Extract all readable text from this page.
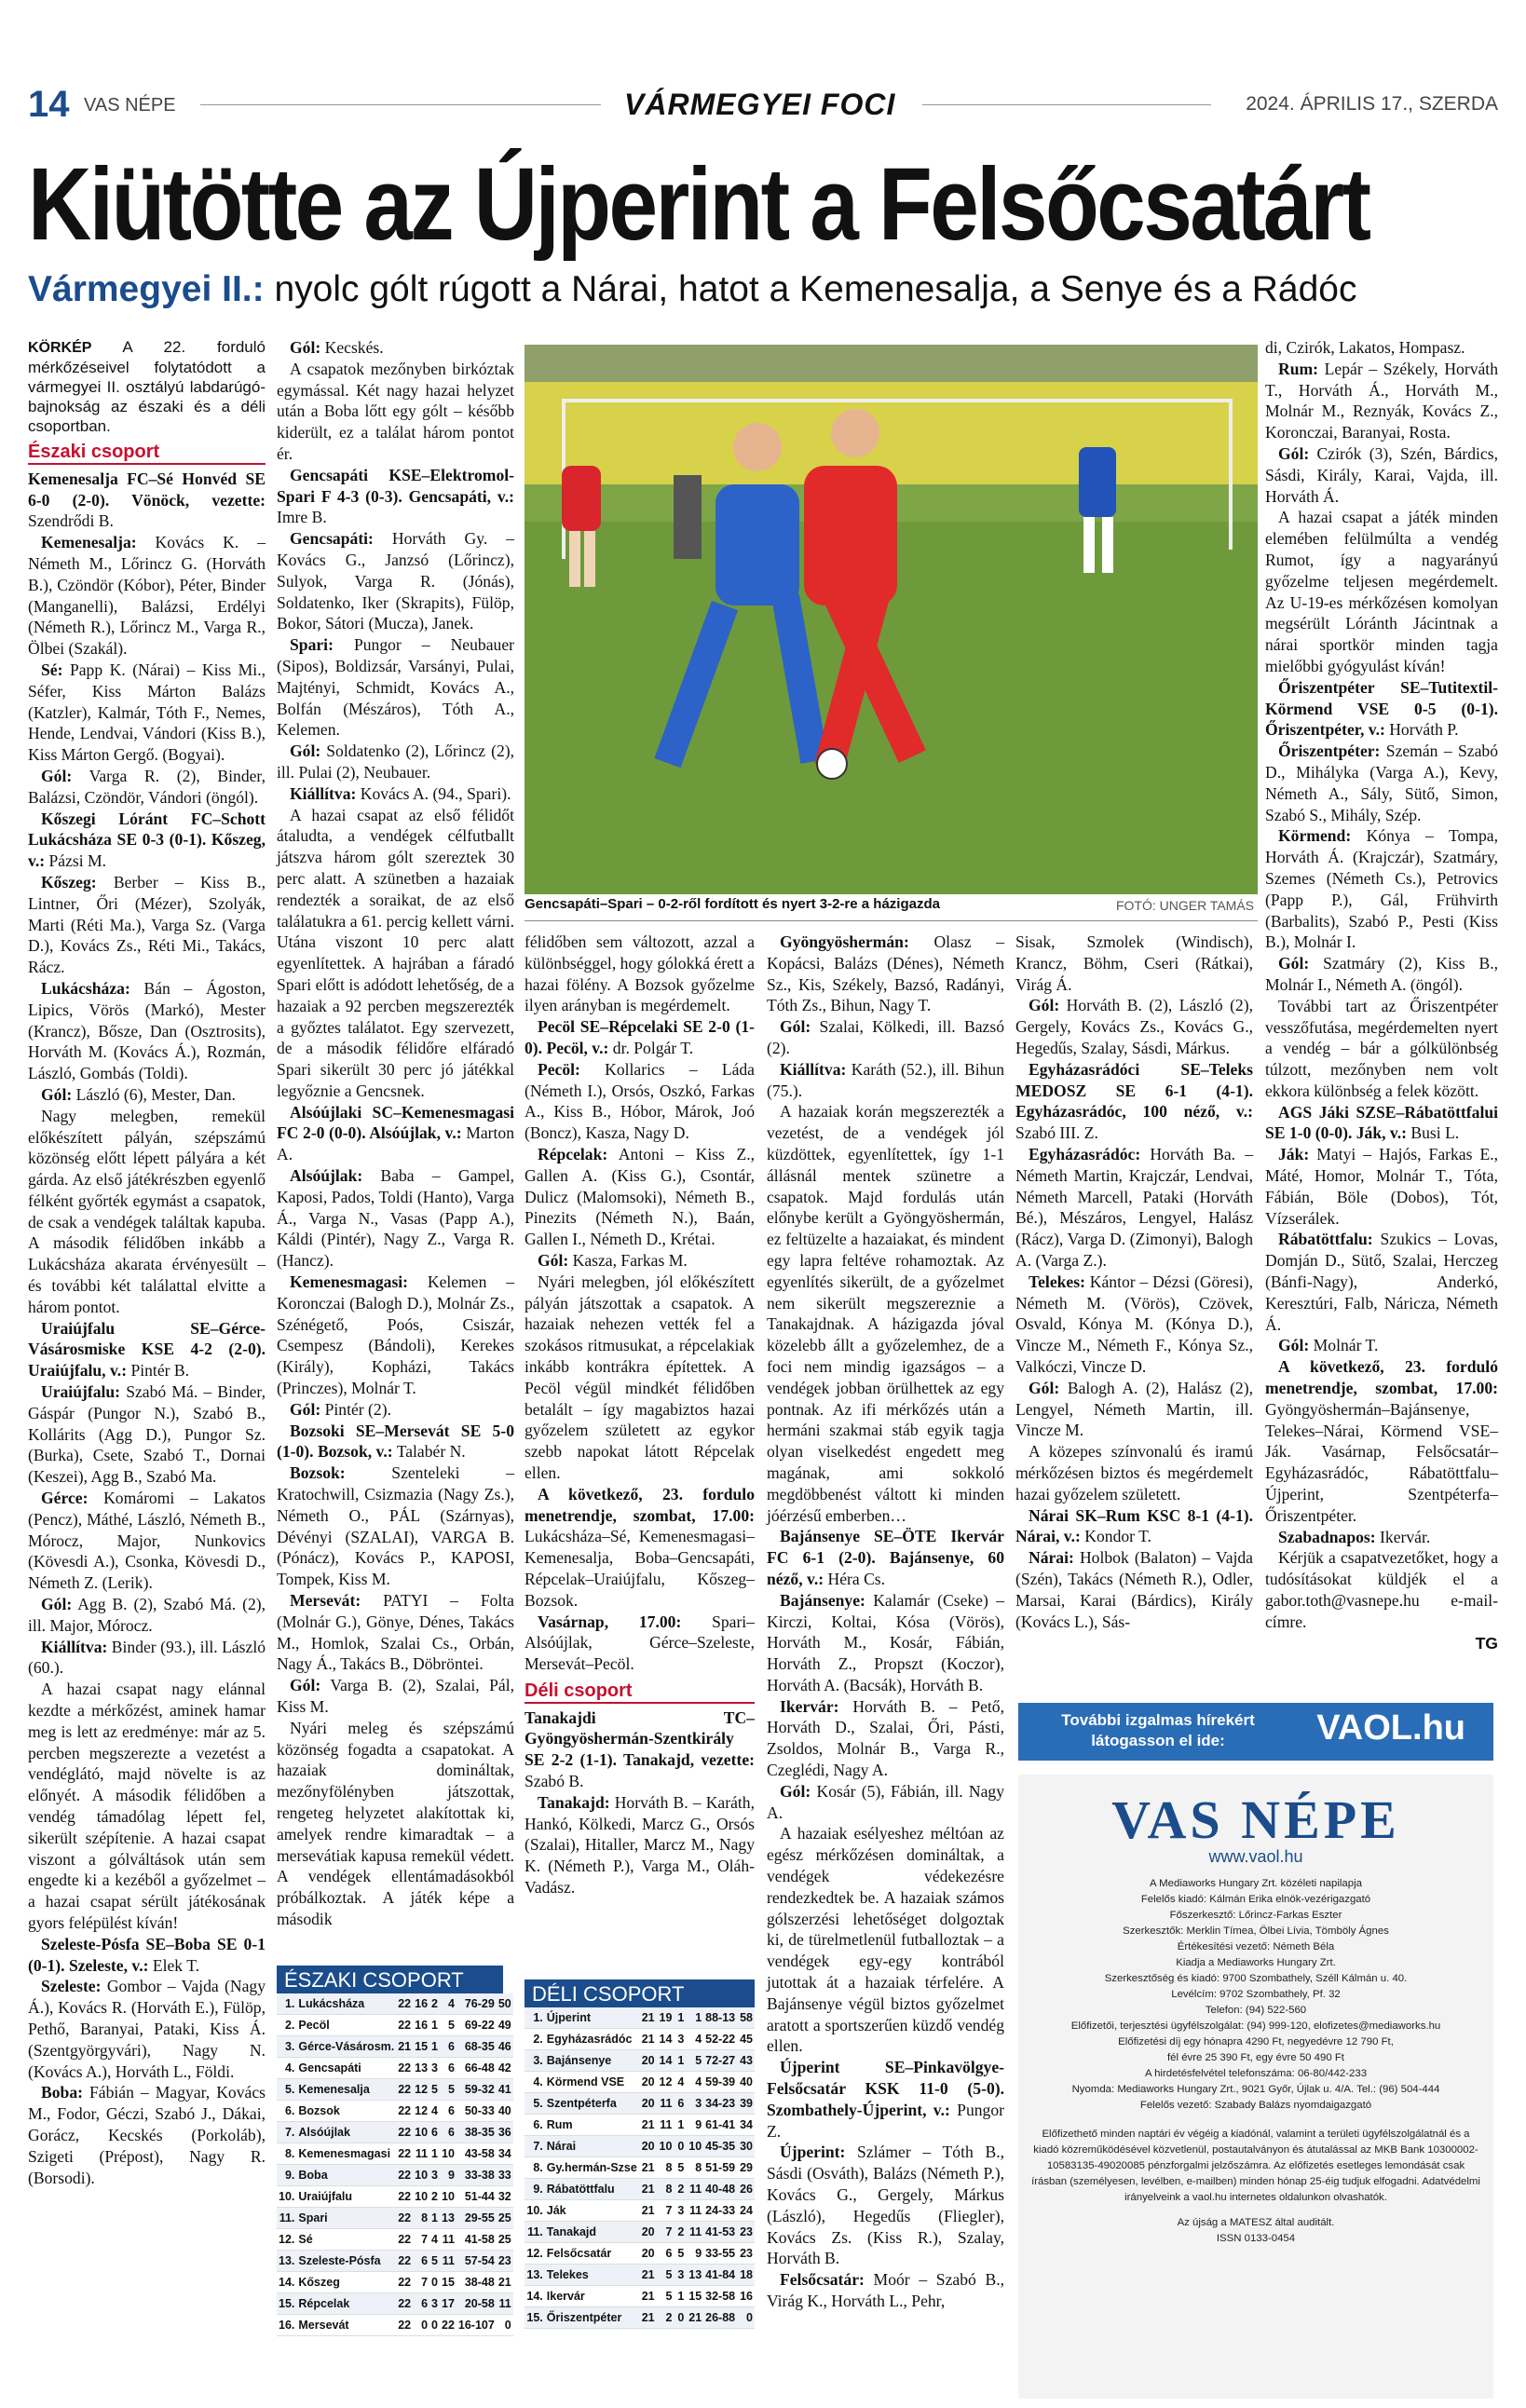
14 VAS NÉPE	VÁRMEGYEI FOCI	2024. ÁPRILIS 17., SZERDA
Kiütötte az Újperint a Felsőcsatárt
Vármegyei II.: nyolc gólt rúgott a Nárai, hatot a Kemenesalja, a Senye és a Rádóc

KÖRKÉP A 22. forduló mérkőzéseivel folytatódott a vármegyei II. osztályú labdarúgó-bajnokság az északi és a déli csoportban.

Északi csoport

Kemenesalja FC–Sé Honvéd SE 6-0 (2-0). Vönöck, vezette: Szendrődi B.

Kemenesalja: Kovács K. – Németh M., Lőrincz G. (Horváth B.), Czöndör (Kóbor), Péter, Binder (Manganelli), Balázsi, Erdélyi (Németh R.), Lőrincz M., Varga R., Ölbei (Szakál).

Sé: Papp K. (Nárai) – Kiss Mi., Séfer, Kiss Márton Balázs (Katzler), Kalmár, Tóth F., Nemes, Hende, Lendvai, Vándori (Kiss B.), Kiss Márton Gergő. (Bogyai).

Gól: Varga R. (2), Binder, Balázsi, Czöndör, Vándori (öngól).

Kőszegi Lóránt FC–Schott Lukácsháza SE 0-3 (0-1). Kőszeg, v.: Pázsi M.

Kőszeg: Berber – Kiss B., Lintner, Őri (Mézer), Szolyák, Marti (Réti Ma.), Varga Sz. (Varga D.), Kovács Zs., Réti Mi., Takács, Rácz.

Lukácsháza: Bán – Ágoston, Lipics, Vörös (Markó), Mester (Krancz), Bősze, Dan (Osztrosits), Horváth M. (Kovács Á.), Rozmán, László, Gombás (Toldi).

Gól: László (6), Mester, Dan.

Nagy melegben, remekül előkészített pályán, szépszámú közönség előtt lépett pályára a két gárda. Az első játékrészben egyenlő félként győrték egymást a csapatok, de csak a vendégek találtak kapuba. A második félidőben inkább a Lukácsháza akarata érvényesült – és további két találattal elvitte a három pontot.

Uraiújfalu SE–Gérce-Vásárosmiske KSE 4-2 (2-0). Uraiújfalu, v.: Pintér B.

Uraiújfalu: Szabó Má. – Binder, Gáspár (Pungor N.), Szabó B., Kollárits (Agg D.), Pungor Sz. (Burka), Csete, Szabó T., Dornai (Keszei), Agg B., Szabó Ma.

Gérce: Komáromi – Lakatos (Pencz), Máthé, László, Németh B., Mórocz, Major, Nunkovics (Kövesdi A.), Csonka, Kövesdi D., Németh Z. (Lerik).

Gól: Agg B. (2), Szabó Má. (2), ill. Major, Mórocz.

Kiállítva: Binder (93.), ill. László (60.).

A hazai csapat nagy elánnal kezdte a mérkőzést, aminek hamar meg is lett az eredménye: már az 5. percben megszerezte a vezetést a vendéglátó, majd növelte is az előnyét. A második félidőben a vendég támadólag lépett fel, sikerült szépítenie. A hazai csapat viszont a gólváltások után sem engedte ki a kezéből a győzelmet – a hazai csapat sérült játékosának gyors felépülést kíván!

Szeleste-Pósfa SE–Boba SE 0-1 (0-1). Szeleste, v.: Elek T.

Szeleste: Gombor – Vajda (Nagy Á.), Kovács R. (Horváth E.), Fülöp, Pethő, Baranyai, Pataki, Kiss Á. (Szentgyörgyvári), Nagy N. (Kovács A.), Horváth L., Földi.

Boba: Fábián – Magyar, Kovács M., Fodor, Géczi, Szabó J., Dákai, Gorácz, Kecskés (Porkoláb), Szigeti (Prépost), Nagy R. (Borsodi).

Gól: Kecskés.

A csapatok mezőnyben birkóztak egymással. Két nagy hazai helyzet után a Boba lőtt egy gólt – később kiderült, ez a találat három pontot ér.

Gencsapáti KSE–Elektromol-Spari F 4-3 (0-3). Gencsapáti, v.: Imre B.

Gencsapáti: Horváth Gy. – Kovács G., Janzsó (Lőrincz), Sulyok, Varga R. (Jónás), Soldatenko, Iker (Skrapits), Fülöp, Bokor, Sátori (Mucza), Janek.

Spari: Pungor – Neubauer (Sipos), Boldizsár, Varsányi, Pulai, Majtényi, Schmidt, Kovács A., Bolfán (Mészáros), Tóth A., Kelemen.

Gól: Soldatenko (2), Lőrincz (2), ill. Pulai (2), Neubauer.

Kiállítva: Kovács A. (94., Spari).

A hazai csapat az első félidőt átaludta, a vendégek célfutballt játszva három gólt szereztek 30 perc alatt. A szünetben a hazaiak rendezték a soraikat, de az első találatukra a 61. percig kellett várni. Utána viszont 10 perc alatt egyenlítettek. A hajrában a fáradó Spari előtt is adódott lehetőség, de a hazaiak a 92 percben megszerezték a győztes találatot. Egy szervezett, de a második félidőre elfáradó Spari sikerült 30 perc jó játékkal legyőznie a Gencsnek.

Alsóújlaki SC–Kemenesmagasi FC 2-0 (0-0). Alsóújlak, v.: Marton A.

Alsóújlak: Baba – Gampel, Kaposi, Pados, Toldi (Hanto), Varga Á., Varga N., Vasas (Papp A.), Káldi (Pintér), Nagy Z., Varga R. (Hancz).

Kemenesmagasi: Kelemen – Koronczai (Balogh D.), Molnár Zs., Szénégető, Poós, Csiszár, Csempesz (Bándoli), Kerekes (Király), Kopházi, Takács (Princzes), Molnár T.

Gól: Pintér (2).

Bozsoki SE–Mersevát SE 5-0 (1-0). Bozsok, v.: Talabér N.

Bozsok: Szenteleki – Kratochwill, Csizmazia (Nagy Zs.), Németh O., PÁL (Szárnyas), Dévényi (SZALAI), VARGA B. (Pónácz), Kovács P., KAPOSI, Tompek, Kiss M.

Mersevát: PATYI – Folta (Molnár G.), Gönye, Dénes, Takács M., Homlok, Szalai Cs., Orbán, Nagy Á., Takács B., Döbröntei.

Gól: Varga B. (2), Szalai, Pál, Kiss M.

Nyári meleg és szépszámú közönség fogadta a csapatokat. A hazaiak domináltak, mezőnyfölényben játszottak, rengeteg helyzetet alakítottak ki, amelyek rendre kimaradtak – a mersevátiak kapusa remekül védett. A vendégek ellentámadásokból próbálkoztak. A játék képe a második

Gencsapáti–Spari – 0-2-ről fordított és nyert 3-2-re a házigazda	FOTÓ: UNGER TAMÁS

félidőben sem változott, azzal a különbséggel, hogy gólokká érett a hazai fölény. A Bozsok győzelme ilyen arányban is megérdemelt.

Pecöl SE–Répcelaki SE 2-0 (1-0). Pecöl, v.: dr. Polgár T.

Pecöl: Kollarics – Láda (Németh I.), Orsós, Oszkó, Farkas A., Kiss B., Hóbor, Márok, Joó (Boncz), Kasza, Nagy D.

Répcelak: Antoni – Kiss Z., Gallen A. (Kiss G.), Csontár, Dulicz (Malomsoki), Németh B., Pinezits (Németh N.), Baán, Gallen I., Németh D., Krétai.

Gól: Kasza, Farkas M.

Nyári melegben, jól előkészített pályán játszottak a csapatok. A hazaiak nehezen vették fel a szokásos ritmusukat, a répcelakiak inkább kontrákra építettek. A Pecöl végül mindkét félidőben betalált – így magabiztos hazai győzelem született az egykor szebb napokat látott Répcelak ellen.

A következő, 23. fordulo menetrendje, szombat, 17.00: Lukácsháza–Sé, Kemenesmagasi–Kemenesalja, Boba–Gencsapáti, Répcelak–Uraiújfalu, Kőszeg–Bozsok.

Vasárnap, 17.00: Spari–Alsóújlak, Gérce–Szeleste, Mersevát–Pecöl.

Déli csoport

Tanakajdi TC–Gyöngyöshermán-Szentkirály SE 2-2 (1-1). Tanakajd, vezette: Szabó B.

Tanakajd: Horváth B. – Karáth, Hankó, Kölkedi, Marcz G., Orsós (Szalai), Hitaller, Marcz M., Nagy K. (Németh P.), Varga M., Oláh-Vadász.

Gyöngyöshermán: Olasz – Kopácsi, Balázs (Dénes), Németh Sz., Kis, Székely, Bazsó, Radányi, Tóth Zs., Bihun, Nagy T.

Gól: Szalai, Kölkedi, ill. Bazsó (2).

Kiállítva: Karáth (52.), ill. Bihun (75.).

A hazaiak korán megszerezték a vezetést, de a vendégek jól küzdöttek, egyenlítettek, így 1-1 állásnál mentek szünetre a csapatok. Majd fordulás után előnybe került a Gyöngyöshermán, ez feltüzelte a hazaiakat, és mindent egy lapra feltéve rohamoztak. Az egyenlítés sikerült, de a győzelmet nem sikerült megszereznie a Tanakajdnak. A házigazda jóval közelebb állt a győzelemhez, de a foci nem mindig igazságos – a vendégek jobban örülhettek az egy pontnak. Az ifi mérkőzés után a hermáni szakmai stáb egyik tagja olyan viselkedést engedett meg magának, ami sokkoló megdöbbenést váltott ki minden jóérzésű emberben…

Bajánsenye SE–ÖTE Ikervár FC 6-1 (2-0). Bajánsenye, 60 néző, v.: Héra Cs.

Bajánsenye: Kalamár (Cseke) – Kirczi, Koltai, Kósa (Vörös), Horváth M., Kosár, Fábián, Horváth Z., Propszt (Koczor), Horváth A. (Bacsák), Horváth B.

Ikervár: Horváth B. – Pető, Horváth D., Szalai, Őri, Pásti, Zsoldos, Molnár B., Varga R., Czeglédi, Nagy A.

Gól: Kosár (5), Fábián, ill. Nagy A.

A hazaiak esélyeshez méltóan az egész mérkőzésen domináltak, a vendégek védekezésre rendezkedtek be. A hazaiak számos gólszerzési lehetőséget dolgoztak ki, de türelmetlenül futballoztak – a vendégek egy-egy kontrából jutottak át a hazaiak térfelére. A Bajánsenye végül biztos győzelmet aratott a sportszerűen küzdő vendég ellen.

Újperint SE–Pinkavölgye-Felsőcsatár KSK 11-0 (5-0). Szombathely-Újperint, v.: Pungor Z.

Újperint: Szlámer – Tóth B., Sásdi (Osváth), Balázs (Németh P.), Kovács G., Gergely, Márkus (László), Hegedűs (Fliegler), Kovács Zs. (Kiss R.), Szalay, Horváth B.

Felsőcsatár: Moór – Szabó B., Virág K., Horváth L., Pehr,

Sisak, Szmolek (Windisch), Krancz, Böhm, Cseri (Rátkai), Virág Á.

Gól: Horváth B. (2), László (2), Gergely, Kovács Zs., Kovács G., Hegedűs, Szalay, Sásdi, Márkus.

Egyházasrádóci SE–Teleks MEDOSZ SE 6-1 (4-1). Egyházasrádóc, 100 néző, v.: Szabó III. Z.

Egyházasrádóc: Horváth Ba. – Németh Martin, Krajczár, Lendvai, Németh Marcell, Pataki (Horváth Bé.), Mészáros, Lengyel, Halász (Rácz), Varga D. (Zimonyi), Balogh A. (Varga Z.).

Telekes: Kántor – Dézsi (Göresi), Németh M. (Vörös), Czövek, Osvald, Kónya M. (Kónya D.), Vincze M., Németh F., Kónya Sz., Valkóczi, Vincze D.

Gól: Balogh A. (2), Halász (2), Lengyel, Németh Martin, ill. Vincze M.

A közepes színvonalú és iramú mérkőzésen biztos és megérdemelt hazai győzelem született.

Nárai SK–Rum KSC 8-1 (4-1). Nárai, v.: Kondor T.

Nárai: Holbok (Balaton) – Vajda (Szén), Takács (Németh R.), Odler, Marsai, Karai (Bárdics), Király (Kovács L.), Sás-

di, Czirók, Lakatos, Hompasz.

Rum: Lepár – Székely, Horváth T., Horváth Á., Horváth M., Molnár M., Reznyák, Kovács Z., Koronczai, Baranyai, Rosta.

Gól: Czirók (3), Szén, Bárdics, Sásdi, Király, Karai, Vajda, ill. Horváth Á.

A hazai csapat a játék minden elemében felülmúlta a vendég Rumot, így a nagyarányú győzelme teljesen megérdemelt. Az U-19-es mérkőzésen komolyan megsérült Lóránth Jácintnak a nárai sportkör minden tagja mielőbbi gyógyulást kíván!

Őriszentpéter SE–Tutitextil-Körmend VSE 0-5 (0-1). Őriszentpéter, v.: Horváth P.

Őriszentpéter: Szemán – Szabó D., Mihályka (Varga A.), Kevy, Németh A., Sály, Sütő, Simon, Szabó S., Mihály, Szép.

Körmend: Kónya – Tompa, Horváth Á. (Krajczár), Szatmáry, Szemes (Németh Cs.), Petrovics (Papp P.), Gál, Frühvirth (Barbalits), Szabó P., Pesti (Kiss B.), Molnár I.

Gól: Szatmáry (2), Kiss B., Molnár I., Németh A. (öngól).

További tart az Őriszentpéter vesszőfutása, megérdemelten nyert a vendég – bár a gólkülönbség túlzott, mezőnyben nem volt ekkora különbség a felek között.

AGS Jáki SZSE–Rábatöttfalui SE 1-0 (0-0). Ják, v.: Busi L.

Ják: Matyi – Hajós, Farkas E., Máté, Homor, Molnár T., Tóta, Fábián, Böle (Dobos), Tót, Vízserálek.

Rábatöttfalu: Szukics – Lovas, Domján D., Sütő, Szalai, Herczeg (Bánfi-Nagy), Anderkó, Keresztúri, Falb, Náricza, Németh Á.

Gól: Molnár T.

A következő, 23. forduló menetrendje, szombat, 17.00: Gyöngyöshermán–Bajánsenye, Telekes–Nárai, Körmend VSE–Ják. Vasárnap, Felsőcsatár–Egyházasrádóc, Rábatöttfalu–Újperint, Szentpéterfa–Őriszentpéter.

Szabadnapos: Ikervár.

Kérjük a csapatvezetőket, hogy a tudósításokat küldjék el a gabor.toth@vasnepe.hu e-mail-címre.

TG

ÉSZAKI CSOPORT
1.	Lukácsháza	22	16	2	4	76-29	50
2.	Pecöl	22	16	1	5	69-22	49
3.	Gérce-Vásárosm.	21	15	1	6	68-35	46
4.	Gencsapáti	22	13	3	6	66-48	42
5.	Kemenesalja	22	12	5	5	59-32	41
6.	Bozsok	22	12	4	6	50-33	40
7.	Alsóújlak	22	10	6	6	38-35	36
8.	Kemenesmagasi	22	11	1	10	43-58	34
9.	Boba	22	10	3	9	33-38	33
10.	Uraiújfalu	22	10	2	10	51-44	32
11.	Spari	22	8	1	13	29-55	25
12.	Sé	22	7	4	11	41-58	25
13.	Szeleste-Pósfa	22	6	5	11	57-54	23
14.	Kőszeg	22	7	0	15	38-48	21
15.	Répcelak	22	6	3	17	20-58	11
16.	Mersevát	22	0	0	22	16-107	0
DÉLI CSOPORT
1.	Újperint	21	19	1	1	88-13	58
2.	Egyházasrádóc	21	14	3	4	52-22	45
3.	Bajánsenye	20	14	1	5	72-27	43
4.	Körmend VSE	20	12	4	4	59-39	40
5.	Szentpéterfa	20	11	6	3	34-23	39
6.	Rum	21	11	1	9	61-41	34
7.	Nárai	20	10	0	10	45-35	30
8.	Gy.hermán-Szse	21	8	5	8	51-59	29
9.	Rábatöttfalu	21	8	2	11	40-48	26
10.	Ják	21	7	3	11	24-33	24
11.	Tanakajd	20	7	2	11	41-53	23
12.	Felsőcsatár	20	6	5	9	33-55	23
13.	Telekes	21	5	3	13	41-84	18
14.	Ikervár	21	5	1	15	32-58	16
15.	Őriszentpéter	21	2	0	21	26-88	0
További izgalmas hírekért látogasson el ide:	VAOL.hu
VAS NÉPE
www.vaol.hu
A Mediaworks Hungary Zrt. közéleti napilapja
Felelős kiadó: Kálmán Erika elnök-vezérigazgató
Főszerkesztő: Lőrincz-Farkas Eszter
Szerkesztők: Merklin Tímea, Ölbei Lívia, Tömböly Ágnes
Értékesítési vezető: Németh Béla
Kiadja a Mediaworks Hungary Zrt.
Szerkesztőség és kiadó: 9700 Szombathely, Széll Kálmán u. 40.
Levélcím: 9702 Szombathely, Pf. 32
Telefon: (94) 522-560
Előfizetői, terjesztési ügyfélszolgálat: (94) 999-120, elofizetes@mediaworks.hu
Előfizetési díj egy hónapra 4290 Ft, negyedévre 12 790 Ft,
fél évre 25 390 Ft, egy évre 50 490 Ft
A hirdetésfelvétel telefonszáma: 06-80/442-233
Nyomda: Mediaworks Hungary Zrt., 9021 Győr, Újlak u. 4/A. Tel.: (96) 504-444
Felelős vezető: Szabady Balázs nyomdaigazgató
Előfizethető minden naptári év végéig a kiadónál, valamint a területi ügyfélszolgálatnál és a kiadó közreműködésével közvetlenül, postautalványon és átutalással az MKB Bank 10300002-10583135-49020085 pénzforgalmi jelzőszámra. Az előfizetés esetleges lemondását csak írásban (személyesen, levélben, e-mailben) minden hónap 25-éig tudjuk elfogadni. Adatvédelmi irányelveink a vaol.hu internetes oldalunkon olvashatók.
Az újság a MATESZ által auditált.
ISSN 0133-0454
